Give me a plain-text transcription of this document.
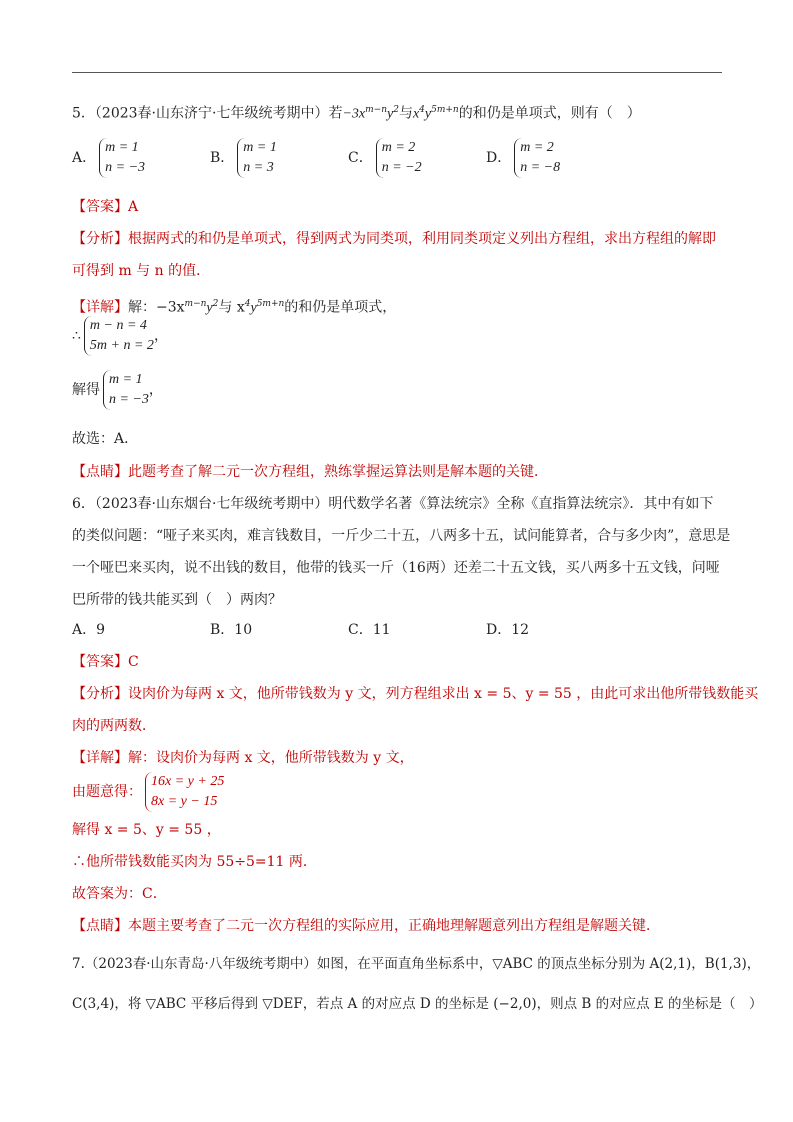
5．（2023春·山东济宁·七年级统考期中）若$-3x^{m-n}y^2$与$x^4y^{5m+n}$的和仍是单项式，则有（　）
A．
m = 1
n = −3
B．
m = 1
n = 3
C．
m = 2
n = −2
D．
m = 2
n = −8
【答案】A
【分析】根据两式的和仍是单项式，得到两式为同类项，利用同类项定义列出方程组，求出方程组的解即
可得到 m 与 n 的值．
【详解】解：$-3x^{m-n}y^2$与 $x^4y^{5m+n}$的和仍是单项式，
∴
m − n = 4
5m + n = 2
，
解得
m = 1
n = −3
，
故选：A．
【点睛】此题考查了解二元一次方程组，熟练掌握运算法则是解本题的关键．
6．（2023春·山东烟台·七年级统考期中）明代数学名著《算法统宗》全称《直指算法统宗》．其中有如下
的类似问题：“哑子来买肉，难言钱数目，一斤少二十五，八两多十五，试问能算者，合与多少肉”，意思是
一个哑巴来买肉，说不出钱的数目，他带的钱买一斤（16两）还差二十五文钱，买八两多十五文钱，问哑
巴所带的钱共能买到（　）两肉？
A．9	B．10	C．11	D．12
【答案】C
【分析】设肉价为每两 x 文，他所带钱数为 y 文，列方程组求出 x = 5、y = 55 ，由此可求出他所带钱数能买
肉的两两数．
【详解】解：设肉价为每两 x 文，他所带钱数为 y 文，
由题意得：
16x = y + 25
8x = y − 15
解得 x = 5、y = 55 ，
∴他所带钱数能买肉为 55÷5=11 两．
故答案为：C．
【点睛】本题主要考查了二元一次方程组的实际应用，正确地理解题意列出方程组是解题关键．
7.（2023春·山东青岛·八年级统考期中）如图，在平面直角坐标系中，▽ABC 的顶点坐标分别为 A(2,1)，B(1,3)，
C(3,4)，将 ▽ABC 平移后得到 ▽DEF，若点 A 的对应点 D 的坐标是 (−2,0)，则点 B 的对应点 E 的坐标是（　）
